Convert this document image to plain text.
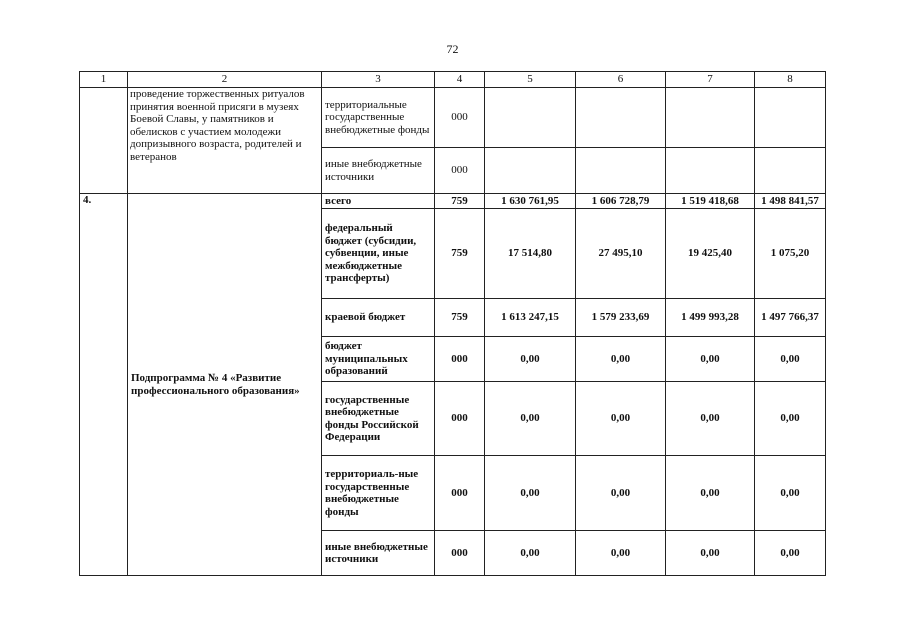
72
1	2	3	4	5	6	7	8
	проведение торжественных ритуалов принятия военной присяги в музеях Боевой Славы, у памятников и обелисков с участием молодежи допризывного возраста, родителей и ветеранов	территориальные государственные внебюджетные фонды	000				
		иные внебюджетные источники	000				
4.	Подпрограмма № 4 «Развитие профессионального образования»	всего	759	1 630 761,95	1 606 728,79	1 519 418,68	1 498 841,57
		федеральный бюджет (субсидии, субвенции, иные межбюджетные трансферты)	759	17 514,80	27 495,10	19 425,40	1 075,20
		краевой бюджет	759	1 613 247,15	1 579 233,69	1 499 993,28	1 497 766,37
		бюджет муниципальных образований	000	0,00	0,00	0,00	0,00
		государственные внебюджетные фонды Российской Федерации	000	0,00	0,00	0,00	0,00
		территориаль-ные государственные внебюджетные фонды	000	0,00	0,00	0,00	0,00
		иные внебюджетные источники	000	0,00	0,00	0,00	0,00
